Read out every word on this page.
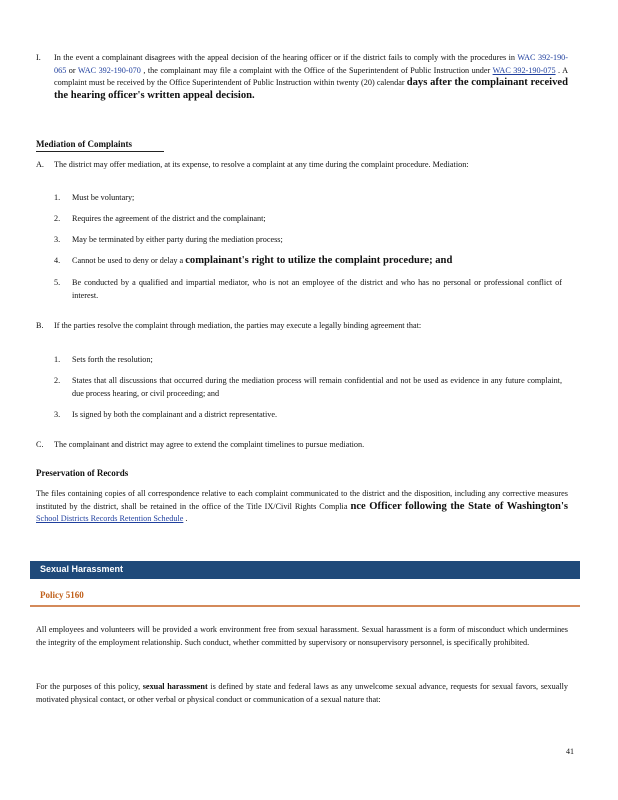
I. In the event a complainant disagrees with the appeal decision of the hearing officer or if the district fails to comply with the procedures in WAC 392-190-065 or WAC 392-190-070 , the complainant may file a complaint with the Office of the Superintendent of Public Instruction under WAC 392-190-075 . A complaint must be received by the Office Superintendent of Public Instruction within twenty (20) calendar days after the complainant received the hearing officer's written appeal decision.
Mediation of Complaints
A. The district may offer mediation, at its expense, to resolve a complaint at any time during the complaint procedure. Mediation:
1. Must be voluntary;
2. Requires the agreement of the district and the complainant;
3. May be terminated by either party during the mediation process;
4. Cannot be used to deny or delay a complainant's right to utilize the complaint procedure; and
5. Be conducted by a qualified and impartial mediator, who is not an employee of the district and who has no personal or professional conflict of interest.
B. If the parties resolve the complaint through mediation, the parties may execute a legally binding agreement that:
1. Sets forth the resolution;
2. States that all discussions that occurred during the mediation process will remain confidential and not be used as evidence in any future complaint, due process hearing, or civil proceeding; and
3. Is signed by both the complainant and a district representative.
C. The complainant and district may agree to extend the complaint timelines to pursue mediation.
Preservation of Records
The files containing copies of all correspondence relative to each complaint communicated to the district and the disposition, including any corrective measures instituted by the district, shall be retained in the office of the Title IX/Civil Rights Complia nce Officer following the State of Washington's School Districts Records Retention Schedule .
Sexual Harassment
Policy 5160
All employees and volunteers will be provided a work environment free from sexual harassment. Sexual harassment is a form of misconduct which undermines the integrity of the employment relationship. Such conduct, whether committed by supervisory or nonsupervisory personnel, is specifically prohibited.
For the purposes of this policy, sexual harassment is defined by state and federal laws as any unwelcome sexual advance, requests for sexual favors, sexually motivated physical contact, or other verbal or physical conduct or communication of a sexual nature that:
41
